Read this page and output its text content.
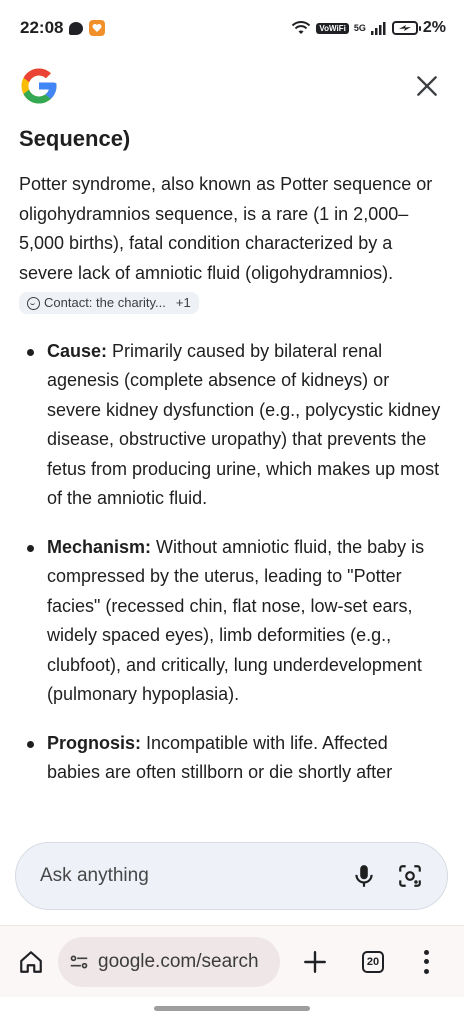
22:08	VoWiFi 5G	2%
Sequence)

Potter syndrome, also known as Potter sequence or oligohydramnios sequence, is a rare (1 in 2,000–5,000 births), fatal condition characterized by a severe lack of amniotic fluid (oligohydramnios).
Contact: the charity... +1

Cause: Primarily caused by bilateral renal agenesis (complete absence of kidneys) or severe kidney dysfunction (e.g., polycystic kidney disease, obstructive uropathy) that prevents the fetus from producing urine, which makes up most of the amniotic fluid.
Mechanism: Without amniotic fluid, the baby is compressed by the uterus, leading to "Potter facies" (recessed chin, flat nose, low-set ears, widely spaced eyes), limb deformities (e.g., clubfoot), and critically, lung underdevelopment (pulmonary hypoplasia).
Prognosis: Incompatible with life. Affected babies are often stillborn or die shortly after
Ask anything
google.com/search	20
